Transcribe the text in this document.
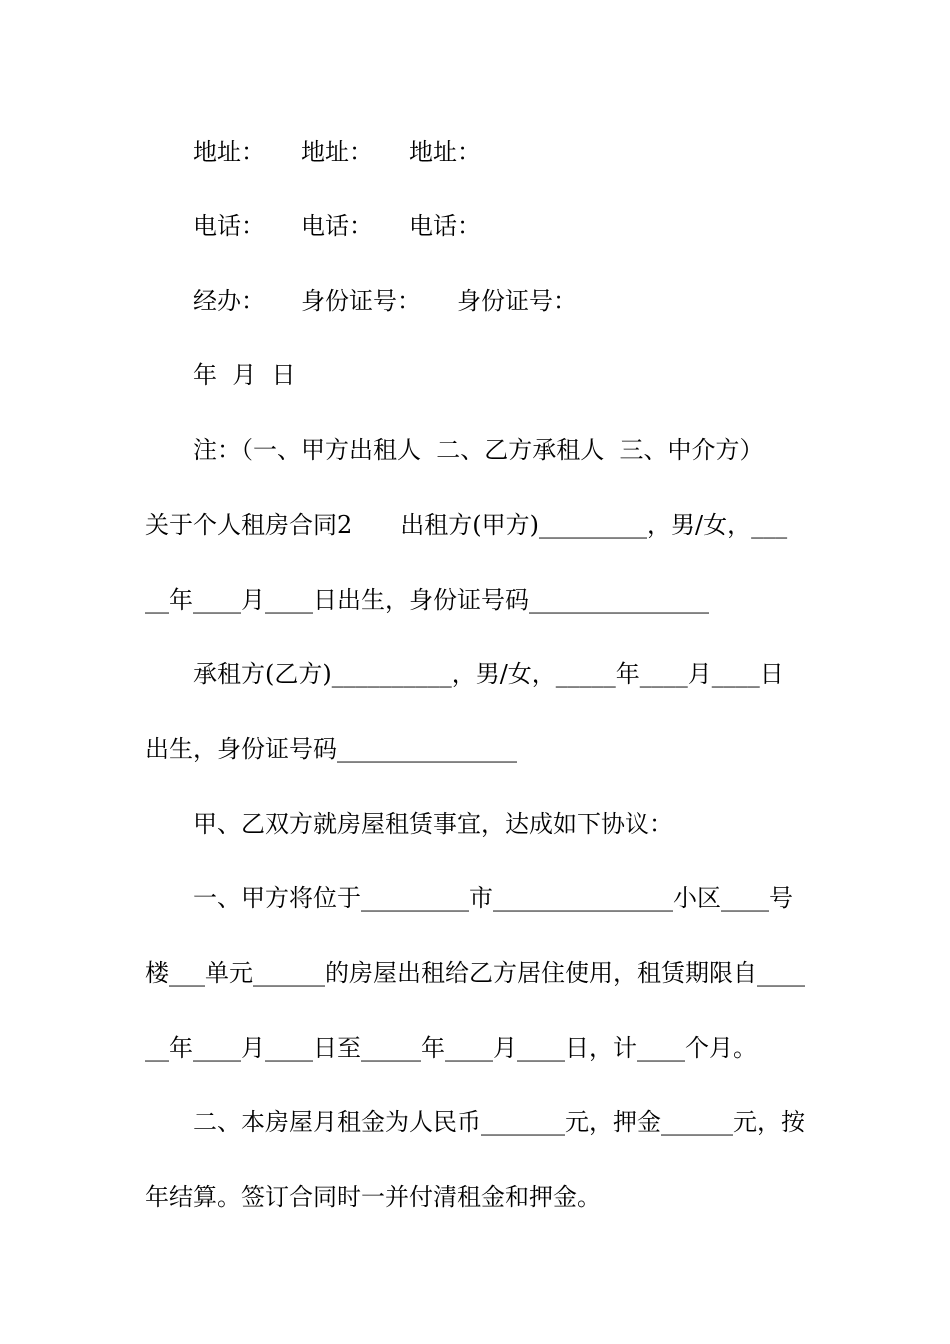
地址：　　地址：　　地址：
电话：　　电话：　　电话：
经办：　　身份证号：　　身份证号：
年  月  日
注：（一、甲方出租人  二、乙方承租人  三、中介方）
关于个人租房合同2　　出租方(甲方)_________，男/女，___
__年____月____日出生，身份证号码_______________
承租方(乙方)__________，男/女，_____年____月____日
出生，身份证号码_______________
甲、乙双方就房屋租赁事宜，达成如下协议：
一、甲方将位于_________市_______________小区____号
楼___单元______的房屋出租给乙方居住使用，租赁期限自____
__年____月____日至_____年____月____日，计____个月。
二、本房屋月租金为人民币_______元，押金______元，按
年结算。签订合同时一并付清租金和押金。
